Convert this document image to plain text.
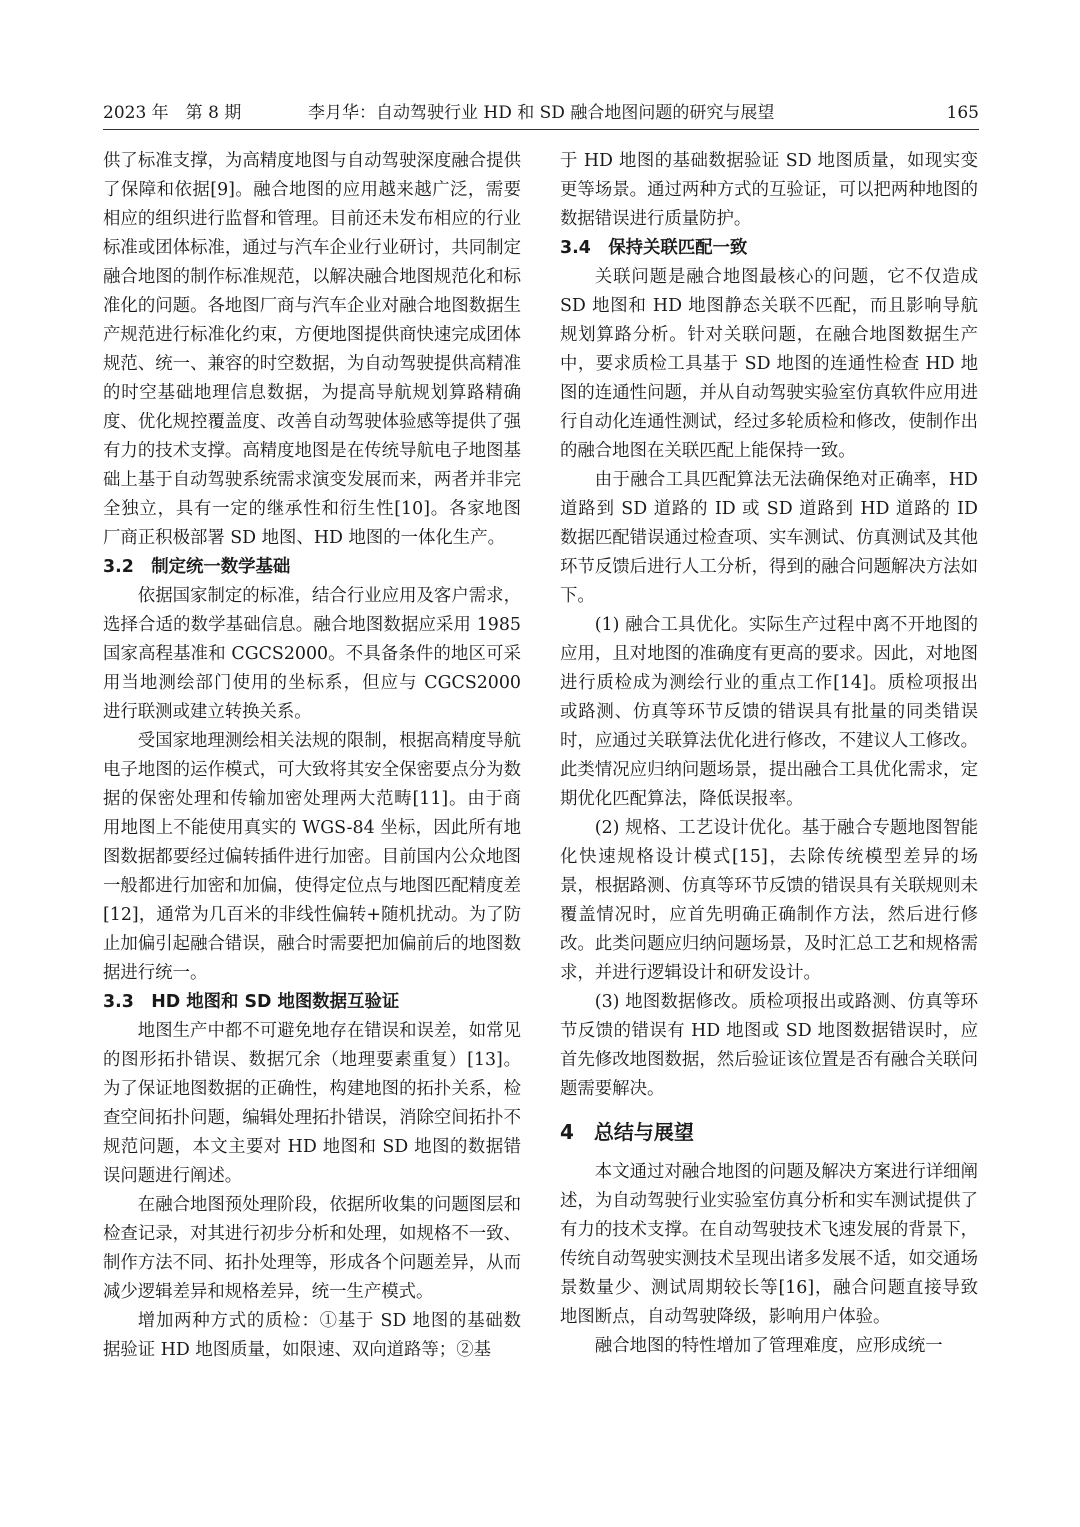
2023 年　第 8 期	李月华：自动驾驶行业 HD 和 SD 融合地图问题的研究与展望	165

供了标准支撑，为高精度地图与自动驾驶深度融合提供了保障和依据[9]。融合地图的应用越来越广泛，需要相应的组织进行监督和管理。目前还未发布相应的行业标准或团体标准，通过与汽车企业行业研讨，共同制定融合地图的制作标准规范，以解决融合地图规范化和标准化的问题。各地图厂商与汽车企业对融合地图数据生产规范进行标准化约束，方便地图提供商快速完成团体规范、统一、兼容的时空数据，为自动驾驶提供高精准的时空基础地理信息数据，为提高导航规划算路精确度、优化规控覆盖度、改善自动驾驶体验感等提供了强有力的技术支撑。高精度地图是在传统导航电子地图基础上基于自动驾驶系统需求演变发展而来，两者并非完全独立，具有一定的继承性和衍生性[10]。各家地图厂商正积极部署 SD 地图、HD 地图的一体化生产。

3.2　制定统一数学基础

依据国家制定的标准，结合行业应用及客户需求，选择合适的数学基础信息。融合地图数据应采用 1985 国家高程基准和 CGCS2000。不具备条件的地区可采用当地测绘部门使用的坐标系，但应与 CGCS2000 进行联测或建立转换关系。

受国家地理测绘相关法规的限制，根据高精度导航电子地图的运作模式，可大致将其安全保密要点分为数据的保密处理和传输加密处理两大范畴[11]。由于商用地图上不能使用真实的 WGS-84 坐标，因此所有地图数据都要经过偏转插件进行加密。目前国内公众地图一般都进行加密和加偏，使得定位点与地图匹配精度差[12]，通常为几百米的非线性偏转+随机扰动。为了防止加偏引起融合错误，融合时需要把加偏前后的地图数据进行统一。

3.3　HD 地图和 SD 地图数据互验证

地图生产中都不可避免地存在错误和误差，如常见的图形拓扑错误、数据冗余（地理要素重复）[13]。为了保证地图数据的正确性，构建地图的拓扑关系，检查空间拓扑问题，编辑处理拓扑错误，消除空间拓扑不规范问题，本文主要对 HD 地图和 SD 地图的数据错误问题进行阐述。

在融合地图预处理阶段，依据所收集的问题图层和检查记录，对其进行初步分析和处理，如规格不一致、制作方法不同、拓扑处理等，形成各个问题差异，从而减少逻辑差异和规格差异，统一生产模式。

增加两种方式的质检：①基于 SD 地图的基础数据验证 HD 地图质量，如限速、双向道路等；②基

于 HD 地图的基础数据验证 SD 地图质量，如现实变更等场景。通过两种方式的互验证，可以把两种地图的数据错误进行质量防护。

3.4　保持关联匹配一致

关联问题是融合地图最核心的问题，它不仅造成 SD 地图和 HD 地图静态关联不匹配，而且影响导航规划算路分析。针对关联问题，在融合地图数据生产中，要求质检工具基于 SD 地图的连通性检查 HD 地图的连通性问题，并从自动驾驶实验室仿真软件应用进行自动化连通性测试，经过多轮质检和修改，使制作出的融合地图在关联匹配上能保持一致。

由于融合工具匹配算法无法确保绝对正确率，HD 道路到 SD 道路的 ID 或 SD 道路到 HD 道路的 ID 数据匹配错误通过检查项、实车测试、仿真测试及其他环节反馈后进行人工分析，得到的融合问题解决方法如下。

(1) 融合工具优化。实际生产过程中离不开地图的应用，且对地图的准确度有更高的要求。因此，对地图进行质检成为测绘行业的重点工作[14]。质检项报出或路测、仿真等环节反馈的错误具有批量的同类错误时，应通过关联算法优化进行修改，不建议人工修改。此类情况应归纳问题场景，提出融合工具优化需求，定期优化匹配算法，降低误报率。

(2) 规格、工艺设计优化。基于融合专题地图智能化快速规格设计模式[15]，去除传统模型差异的场景，根据路测、仿真等环节反馈的错误具有关联规则未覆盖情况时，应首先明确正确制作方法，然后进行修改。此类问题应归纳问题场景，及时汇总工艺和规格需求，并进行逻辑设计和研发设计。

(3) 地图数据修改。质检项报出或路测、仿真等环节反馈的错误有 HD 地图或 SD 地图数据错误时，应首先修改地图数据，然后验证该位置是否有融合关联问题需要解决。

4　总结与展望

本文通过对融合地图的问题及解决方案进行详细阐述，为自动驾驶行业实验室仿真分析和实车测试提供了有力的技术支撑。在自动驾驶技术飞速发展的背景下，传统自动驾驶实测技术呈现出诸多发展不适，如交通场景数量少、测试周期较长等[16]，融合问题直接导致地图断点，自动驾驶降级，影响用户体验。

融合地图的特性增加了管理难度，应形成统一
